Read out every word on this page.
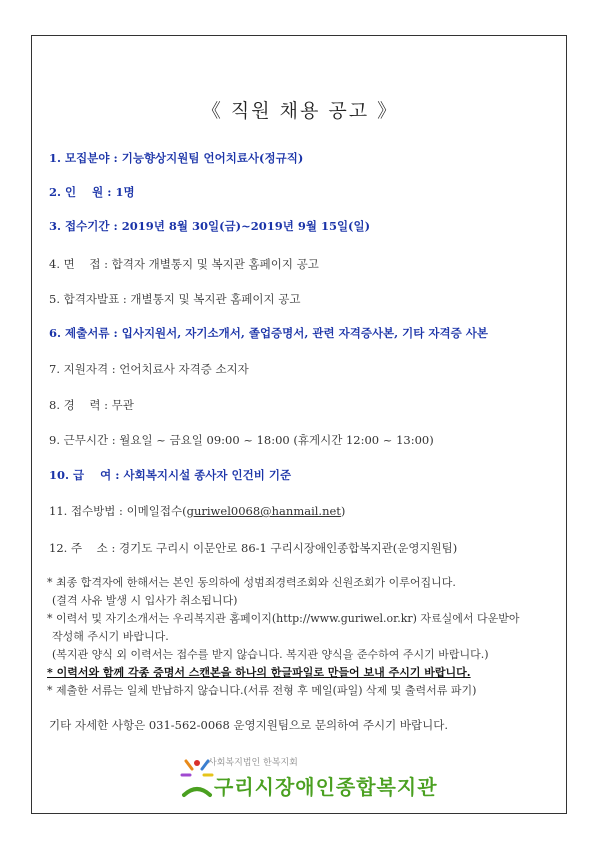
《 직원 채용 공고 》
1. 모집분야 : 기능향상지원팀 언어치료사(정규직)
2. 인    원 : 1명
3. 접수기간 : 2019년 8월 30일(금)~2019년 9월 15일(일)
4. 면    접 : 합격자 개별통지 및 복지관 홈페이지 공고
5. 합격자발표 : 개별통지 및 복지관 홈페이지 공고
6. 제출서류 : 입사지원서, 자기소개서, 졸업증명서, 관련 자격증사본, 기타 자격증 사본
7. 지원자격 : 언어치료사 자격증 소지자
8. 경    력 : 무관
9. 근무시간 : 월요일 ~ 금요일 09:00 ~ 18:00 (휴게시간 12:00 ~ 13:00)
10. 급    여 : 사회복지시설 종사자 인건비 기준
11. 접수방법 : 이메일접수(guriwel0068@hanmail.net)
12. 주    소 : 경기도 구리시 이문안로 86-1 구리시장애인종합복지관(운영지원팀)
* 최종 합격자에 한해서는 본인 동의하에 성범죄경력조회와 신원조회가 이루어집니다.
(결격 사유 발생 시 입사가 취소됩니다)
* 이력서 및 자기소개서는 우리복지관 홈페이지(http://www.guriwel.or.kr) 자료실에서 다운받아
작성해 주시기 바랍니다.
(복지관 양식 외 이력서는 접수를 받지 않습니다. 복지관 양식을 준수하여 주시기 바랍니다.)
* 이력서와 함께 각종 증명서 스캔본을 하나의 한글파일로 만들어 보내 주시기 바랍니다.
* 제출한 서류는 일체 반납하지 않습니다.(서류 전형 후 메일(파일) 삭제 및 출력서류 파기)
기타 자세한 사항은 031-562-0068 운영지원팀으로 문의하여 주시기 바랍니다.
사회복지법인 한복지회
구리시장애인종합복지관
